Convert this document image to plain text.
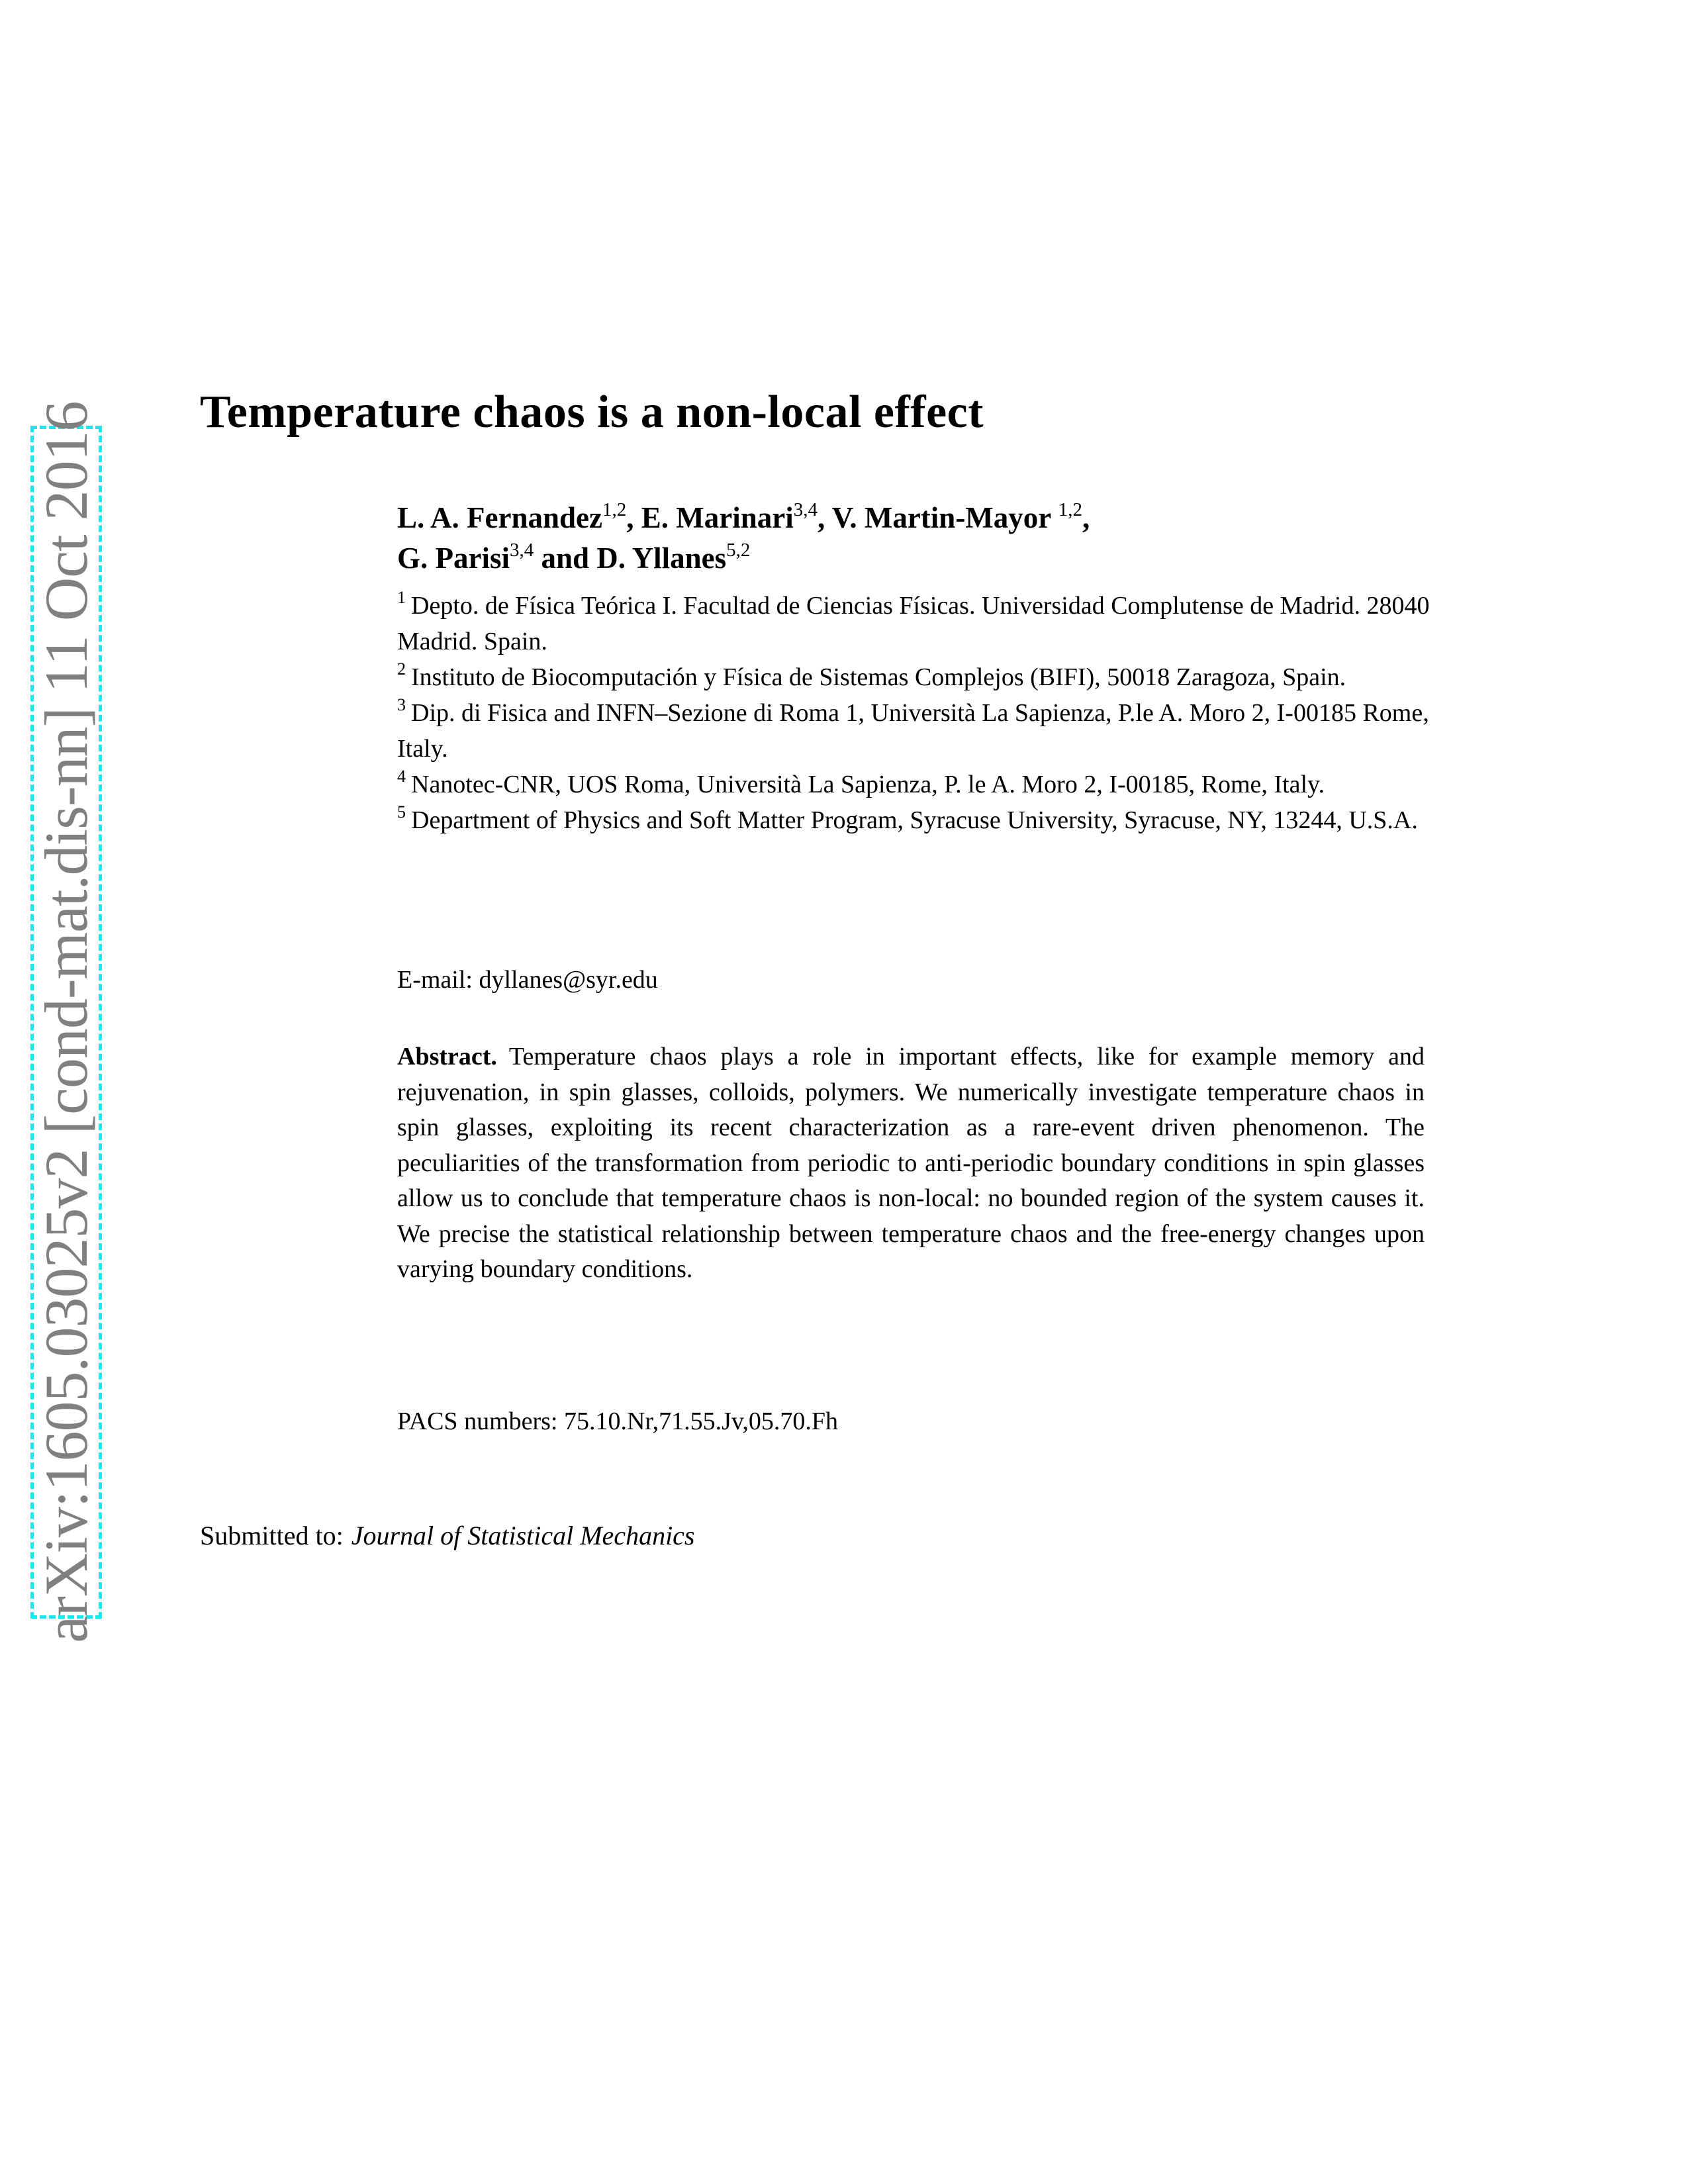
arXiv:1605.03025v2 [cond-mat.dis-nn] 11 Oct 2016 Temperature chaos is a non-local effect
L. A. Fernandez$^{1,2}$, E. Marinari$^{3,4}$, V. Martin-Mayor $^{1,2}$,
G. Parisi$^{3,4}$ and D. Yllanes$^{5,2}$

$^1$ Depto. de Física Teórica I. Facultad de Ciencias Físicas. Universidad Complutense de Madrid. 28040 Madrid. Spain.

$^2$ Instituto de Biocomputación y Física de Sistemas Complejos (BIFI), 50018 Zaragoza, Spain.

$^3$ Dip. di Fisica and INFN–Sezione di Roma 1, Università La Sapienza, P.le A. Moro 2, I-00185 Rome, Italy.

$^4$ Nanotec-CNR, UOS Roma, Università La Sapienza, P. le A. Moro 2, I-00185, Rome, Italy.

$^5$ Department of Physics and Soft Matter Program, Syracuse University, Syracuse, NY, 13244, U.S.A.

E-mail: dyllanes@syr.edu
Abstract. Temperature chaos plays a role in important effects, like for example memory and rejuvenation, in spin glasses, colloids, polymers. We numerically investigate temperature chaos in spin glasses, exploiting its recent characterization as a rare-event driven phenomenon. The peculiarities of the transformation from periodic to anti-periodic boundary conditions in spin glasses allow us to conclude that temperature chaos is non-local: no bounded region of the system causes it. We precise the statistical relationship between temperature chaos and the free-energy changes upon varying boundary conditions.
PACS numbers: 75.10.Nr,71.55.Jv,05.70.Fh
Submitted to: Journal of Statistical Mechanics
